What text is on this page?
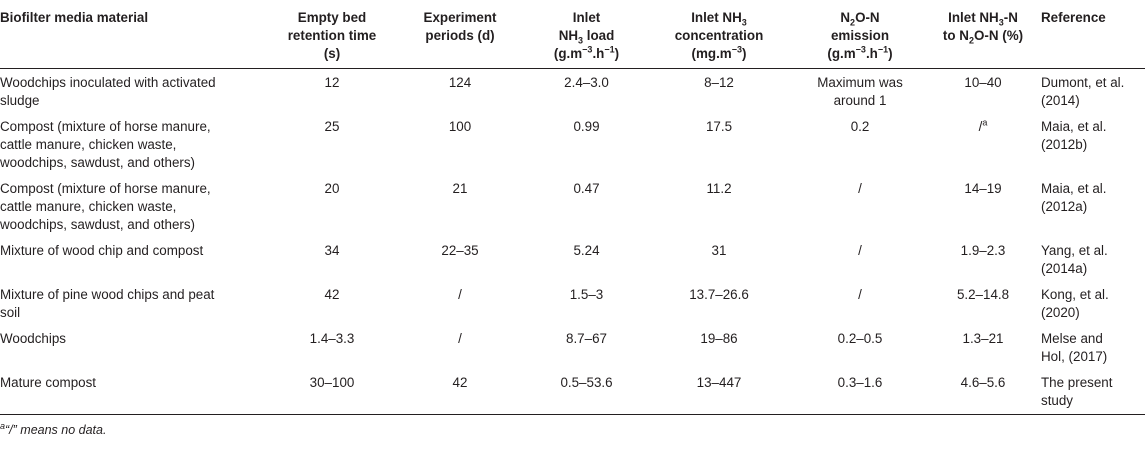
Biofilter media material	Empty bed
retention time
(s)	Experiment
periods (d)	Inlet
$NH_3$ load
$(g.m^{-3}.h^{-1})$	Inlet $NH_3$
concentration
$(mg.m^{-3})$	$N_2O-N$
emission
$(g.m^{-3}.h^{-1})$	Inlet $NH_3-N$
to $N_2O-N$ (%)	Reference
Woodchips inoculated with activated
sludge	12	124	2.4–3.0	8–12	Maximum was
around 1	10–40	Dumont, et al.
(2014)
Compost (mixture of horse manure,
cattle manure, chicken waste,
woodchips, sawdust, and others)	25	100	0.99	17.5	0.2	/$^a$	Maia, et al.
(2012b)
Compost (mixture of horse manure,
cattle manure, chicken waste,
woodchips, sawdust, and others)	20	21	0.47	11.2	/	14–19	Maia, et al.
(2012a)
Mixture of wood chip and compost	34	22–35	5.24	31	/	1.9–2.3	Yang, et al.
(2014a)
Mixture of pine wood chips and peat
soil	42	/	1.5–3	13.7–26.6	/	5.2–14.8	Kong, et al.
(2020)
Woodchips	1.4–3.3	/	8.7–67	19–86	0.2–0.5	1.3–21	Melse and
Hol, (2017)
Mature compost	30–100	42	0.5–53.6	13–447	0.3–1.6	4.6–5.6	The present
study
$^a$“/” means no data.
